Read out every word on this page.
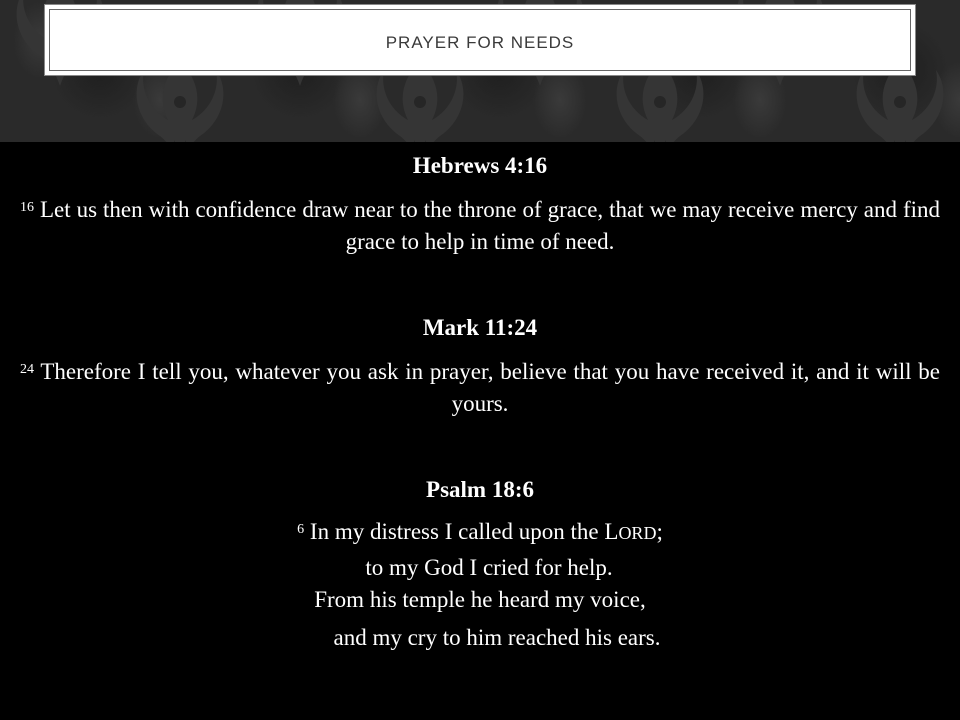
PRAYER FOR NEEDS
Hebrews 4:16
$^{16}$ Let us then with confidence draw near to the throne of grace, that we may receive mercy and find grace to help in time of need.
Mark 11:24
$^{24}$ Therefore I tell you, whatever you ask in prayer, believe that you have received it, and it will be yours.
Psalm 18:6
$^6$ In my distress I called upon the LORD;
to my God I cried for help.
From his temple he heard my voice,
and my cry to him reached his ears.
